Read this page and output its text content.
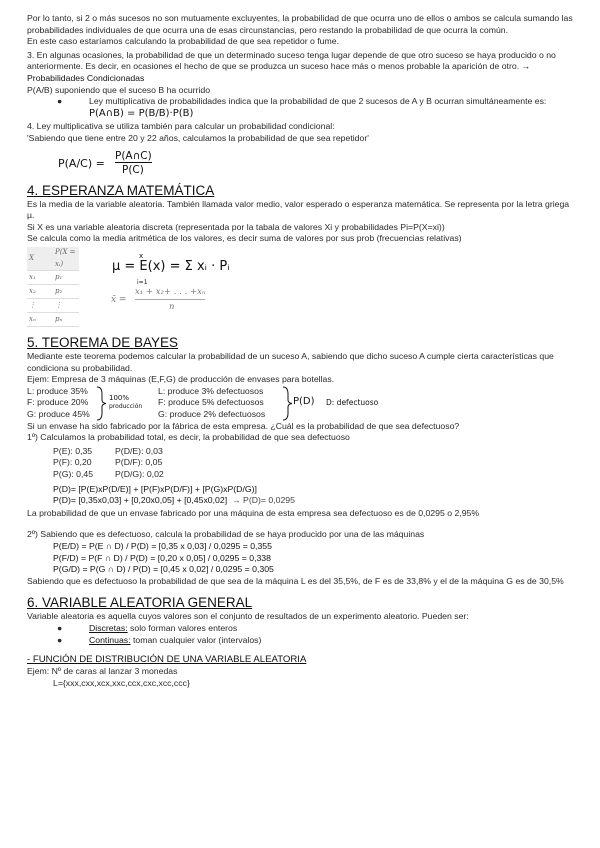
Por lo tanto, si 2 o más sucesos no son mutuamente excluyentes, la probabilidad de que ocurra uno de ellos o ambos se calcula sumando las probabilidades individuales de que ocurra una de esas circunstancias, pero restando la probabilidad de que ocurra la común.

En este caso estaríamos calculando la probabilidad de que sea repetidor o fume.

3. En algunas ocasiones, la probabilidad de que un determinado suceso tenga lugar depende de que otro suceso se haya producido o no anteriormente. Es decir, en ocasiones el hecho de que se produzca un suceso hace más o menos probable la aparición de otro. → Probabilidades Condicionadas

P(A/B) suponiendo que el suceso B ha ocurrido

●	Ley multiplicativa de probabilidades indica que la probabilidad de que 2 sucesos de A y B ocurran simultáneamente es: P(A∩B) = P(B/B)·P(B)

4. Ley multiplicativa se utiliza también para calcular un probabilidad condicional:

'Sabiendo que tiene entre 20 y 22 años, calculamos la probabilidad de que sea repetidor'

P(A/C) =
P(A∩C)
P(C)
4. ESPERANZA MATEMÁTICA

Es la media de la variable aleatoria. También llamada valor medio, valor esperado o esperanza matemática. Se representa por la letra griega µ.

Si X es una variable aleatoria discreta (representada por la tabala de valores Xi y probabilidades Pi=P(X=xi))

Se calcula como la media aritmética de los valores, es decir suma de valores por sus prob (frecuencias relativas)

X	P(X = xᵢ)
x₁	p₁
x₂	p₂
⋮	⋮
xₙ	pₙ
x
µ = E(x) = Σ xᵢ · Pᵢ
i=1
x̄ =
x₁ + x₂+ . . . +xₙ
n
5. TEOREMA DE BAYES

Mediante este teorema podemos calcular la probabilidad de un suceso A, sabiendo que dicho suceso A cumple cierta características que condiciona su probabilidad.

Ejem: Empresa de 3 máquinas (E,F,G) de producción de envases para botellas.

L: produce 35%

F: produce 20%

G: produce 45%

100%
producción

L: produce 3% defectuosos

F: produce 5% defectuosos

G: produce 2% defectuosos

P(D) D: defectuoso

Si un envase ha sido fabricado por la fábrica de esta empresa. ¿Cuál es la probabilidad de que sea defectuoso?

1º) Calculamos la probabilidad total, es decir, la probabilidad de que sea defectuoso

P(E): 0,35	P(D/E): 0,03
P(F): 0,20	P(D/F): 0,05
P(G): 0,45	P(D/G): 0,02

P(D)= [P(E)xP(D/E)] + [P(F)xP(D/F)] + [P(G)xP(D/G)]

P(D)= [0,35x0,03] + [0,20x0,05] + [0,45x0,02] → P(D)= 0,0295

La probabilidad de que un envase fabricado por una máquina de esta empresa sea defectuoso es de 0,0295 o 2,95%

2º) Sabiendo que es defectuoso, calcula la probabilidad de se haya producido por una de las máquinas

P(E/D) = P(E ∩ D) / P(D) = [0,35 x 0,03] / 0,0295 = 0,355

P(F/D) = P(F ∩ D) / P(D) = [0,20 x 0,05] / 0,0295 = 0,338

P(G/D) = P(G ∩ D) / P(D) = [0,45 x 0,02] / 0,0295 = 0,305

Sabiendo que es defectuoso la probabilidad de que sea de la máquina L es del 35,5%, de F es de 33,8% y el de la máquina G es de 30,5%

6. VARIABLE ALEATORIA GENERAL

Variable aleatoria es aquella cuyos valores son el conjunto de resultados de un experimento aleatorio. Pueden ser:

●	Discretas: solo forman valores enteros
●	Continuas: toman cualquier valor (intervalos)
- FUNCIÓN DE DISTRIBUCIÓN DE UNA VARIABLE ALEATORIA

Ejem: Nº de caras al lanzar 3 monedas

L={xxx,cxx,xcx,xxc,ccx,cxc,xcc,ccc}
